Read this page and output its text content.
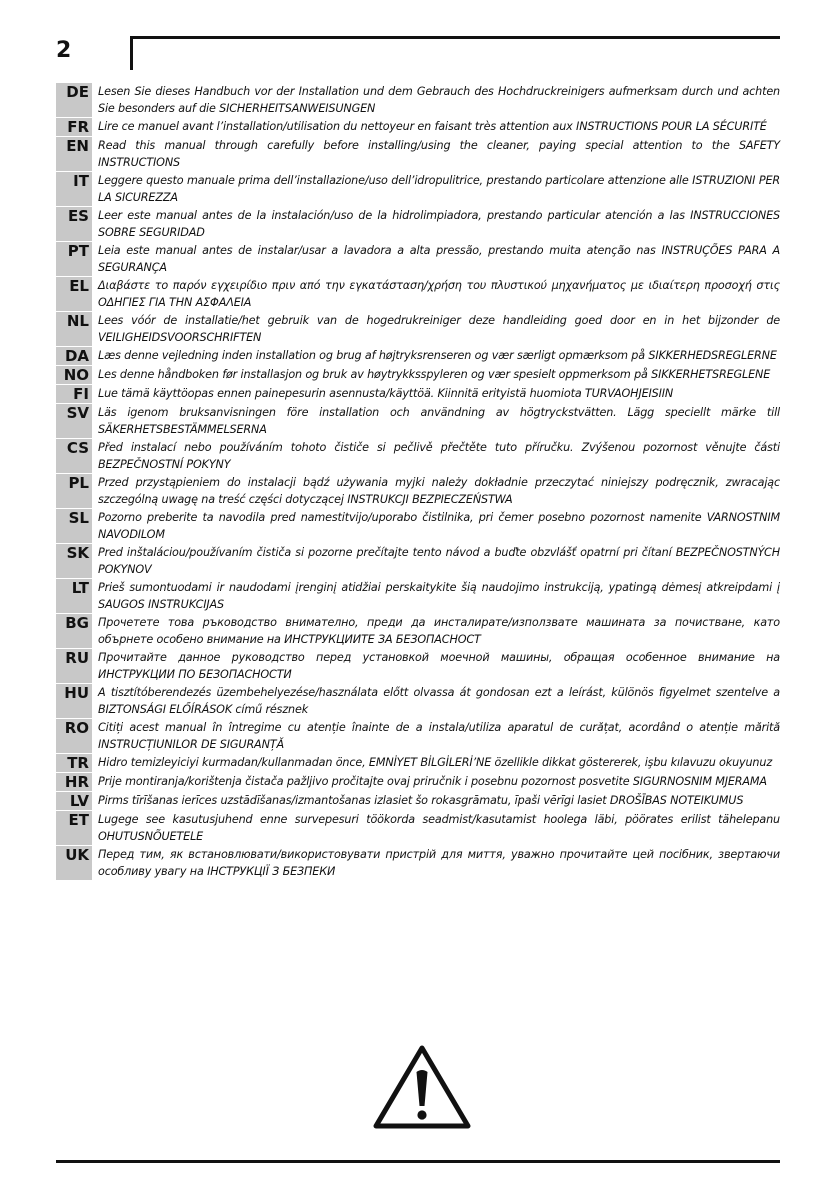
2
DE Lesen Sie dieses Handbuch vor der Installation und dem Gebrauch des Hochdruckreinigers aufmerksam durch und achten Sie besonders auf die SICHERHEITSANWEISUNGEN
FR Lire ce manuel avant l’installation/utilisation du nettoyeur en faisant très attention aux INSTRUCTIONS POUR LA SÉCURITÉ
EN Read this manual through carefully before installing/using the cleaner, paying special attention to the SAFETY INSTRUCTIONS
IT Leggere questo manuale prima dell’installazione/uso dell’idropulitrice, prestando particolare attenzione alle ISTRUZIONI PER LA SICUREZZA
ES Leer este manual antes de la instalación/uso de la hidrolimpiadora, prestando particular atención a las INSTRUCCIONES SOBRE SEGURIDAD
PT Leia este manual antes de instalar/usar a lavadora a alta pressão, prestando muita atenção nas INSTRUÇÕES PARA A SEGURANÇA
EL Διαβάστε το παρόν εγχειρίδιο πριν από την εγκατάσταση/χρήση του πλυστικού μηχανήματος με ιδιαίτερη προσοχή στις ΟΔΗΓΙΕΣ ΓΙΑ ΤΗΝ ΑΣΦΑΛΕΙΑ
NL Lees vóór de installatie/het gebruik van de hogedrukreiniger deze handleiding goed door en in het bijzonder de VEILIGHEIDSVOORSCHRIFTEN
DA Læs denne vejledning inden installation og brug af højtryksrenseren og vær særligt opmærksom på SIKKERHEDSREGLERNE
NO Les denne håndboken før installasjon og bruk av høytrykksspyleren og vær spesielt oppmerksom på SIKKERHETSREGLENE
FI Lue tämä käyttöopas ennen painepesurin asennusta/käyttöä. Kiinnitä erityistä huomiota TURVAOHJEISIIN
SV Läs igenom bruksanvisningen före installation och användning av högtryckstvätten. Lägg speciellt märke till SÄKERHETSBESTÄMMELSERNA
CS Před instalací nebo používáním tohoto čističe si pečlivě přečtěte tuto příručku. Zvýšenou pozornost věnujte části BEZPEČNOSTNÍ POKYNY
PL Przed przystąpieniem do instalacji bądź używania myjki należy dokładnie przeczytać niniejszy podręcznik, zwracając szczególną uwagę na treść części dotyczącej INSTRUKCJI BEZPIECZEŃSTWA
SL Pozorno preberite ta navodila pred namestitvijo/uporabo čistilnika, pri čemer posebno pozornost namenite VARNOSTNIM NAVODILOM
SK Pred inštaláciou/používaním čističa si pozorne prečítajte tento návod a buďte obzvlášť opatrní pri čítaní BEZPEČNOSTNÝCH POKYNOV
LT Prieš sumontuodami ir naudodami įrenginį atidžiai perskaitykite šią naudojimo instrukciją, ypatingą dėmesį atkreipdami į SAUGOS INSTRUKCIJAS
BG Прочетете това ръководство внимателно, преди да инсталирате/използвате машината за почистване, като обърнете особено внимание на ИНСТРУКЦИИТЕ ЗА БЕЗОПАСНОСТ
RU Прочитайте данное руководство перед установкой моечной машины, обращая особенное внимание на ИНСТРУКЦИИ ПО БЕЗОПАСНОСТИ
HU A tisztítóberendezés üzembehelyezése/használata előtt olvassa át gondosan ezt a leírást, különös figyelmet szentelve a BIZTONSÁGI ELŐÍRÁSOK című résznek
RO Citiți acest manual în întregime cu atenție înainte de a instala/utiliza aparatul de curățat, acordând o atenție mărită INSTRUCȚIUNILOR DE SIGURANȚĂ
TR Hidro temizleyiciyi kurmadan/kullanmadan önce, EMNİYET BİLGİLERİ’NE özellikle dikkat göstererek, işbu kılavuzu okuyunuz
HR Prije montiranja/korištenja čistača pažljivo pročitajte ovaj priručnik i posebnu pozornost posvetite SIGURNOSNIM MJERAMA
LV Pirms tīrīšanas ierīces uzstādīšanas/izmantošanas izlasiet šo rokasgrāmatu, īpaši vērīgi lasiet DROŠĪBAS NOTEIKUMUS
ET Lugege see kasutusjuhend enne survepesuri töökorda seadmist/kasutamist hoolega läbi, pöörates erilist tähelepanu OHUTUSNÕUETELE
UK Перед тим, як встановлювати/використовувати пристрій для миття, уважно прочитайте цей посібник, звертаючи особливу увагу на ІНСТРУКЦІЇ З БЕЗПЕКИ
